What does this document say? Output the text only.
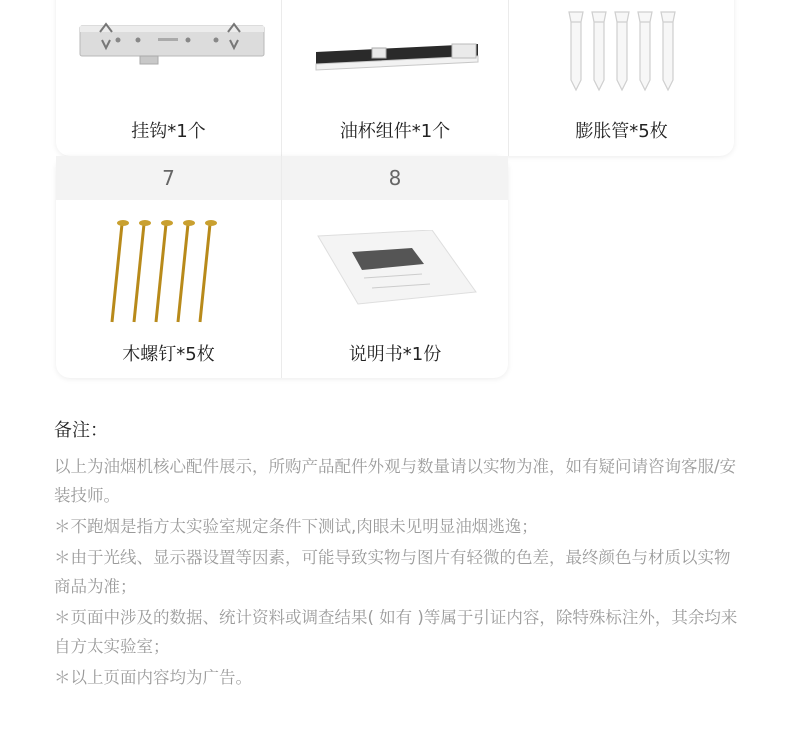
挂钩*1个	油杯组件*1个	膨胀管*5枚
7
木螺钉*5枚
8
说明书*1份
备注：
以上为油烟机核心配件展示，所购产品配件外观与数量请以实物为准，如有疑问请咨询客服/安装技师。
＊不跑烟是指方太实验室规定条件下测试,肉眼未见明显油烟逃逸；
＊由于光线、显示器设置等因素，可能导致实物与图片有轻微的色差，最终颜色与材质以实物商品为准；
＊页面中涉及的数据、统计资料或调查结果( 如有 )等属于引证内容，除特殊标注外，其余均来自方太实验室；
＊以上页面内容均为广告。
